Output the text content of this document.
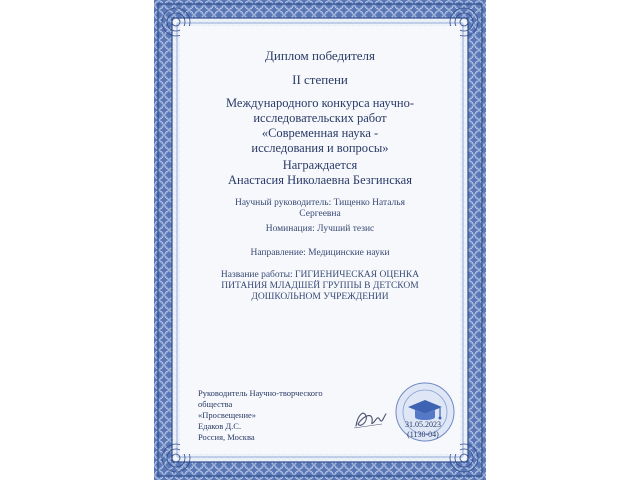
Диплом победителя
II степени
Международного конкурса научно-
исследовательских работ
«Современная наука -
исследования и вопросы»
Награждается
Анастасия Николаевна Безгинская
Научный руководитель: Тищенко Наталья Сергеевна
Номинация: Лучший тезис
Направление: Медицинские науки
Название работы: ГИГИЕНИЧЕСКАЯ ОЦЕНКА ПИТАНИЯ МЛАДШЕЙ ГРУППЫ В ДЕТСКОМ ДОШКОЛЬНОМ УЧРЕЖДЕНИИ
Руководитель Научно-творческого общества
«Просвещение»
Едаков Д.С.
Россия, Москва
31.05.2023
(1130-04)
